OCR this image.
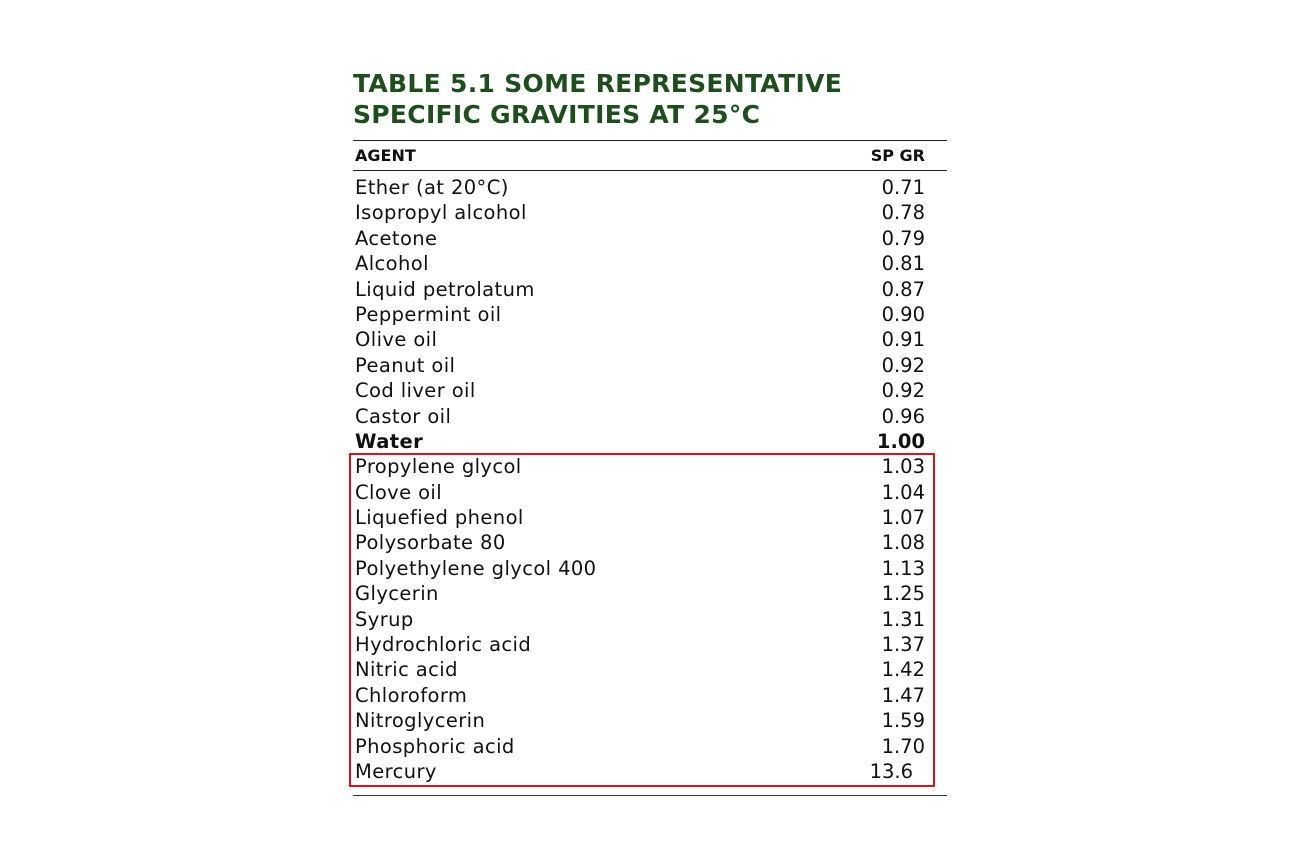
TABLE 5.1 SOME REPRESENTATIVE
SPECIFIC GRAVITIES AT 25°C
AGENT	SP GR
Ether (at 20°C)	0.71
Isopropyl alcohol	0.78
Acetone	0.79
Alcohol	0.81
Liquid petrolatum	0.87
Peppermint oil	0.90
Olive oil	0.91
Peanut oil	0.92
Cod liver oil	0.92
Castor oil	0.96
Water	1.00
Propylene glycol	1.03
Clove oil	1.04
Liquefied phenol	1.07
Polysorbate 80	1.08
Polyethylene glycol 400	1.13
Glycerin	1.25
Syrup	1.31
Hydrochloric acid	1.37
Nitric acid	1.42
Chloroform	1.47
Nitroglycerin	1.59
Phosphoric acid	1.70
Mercury	13.6
